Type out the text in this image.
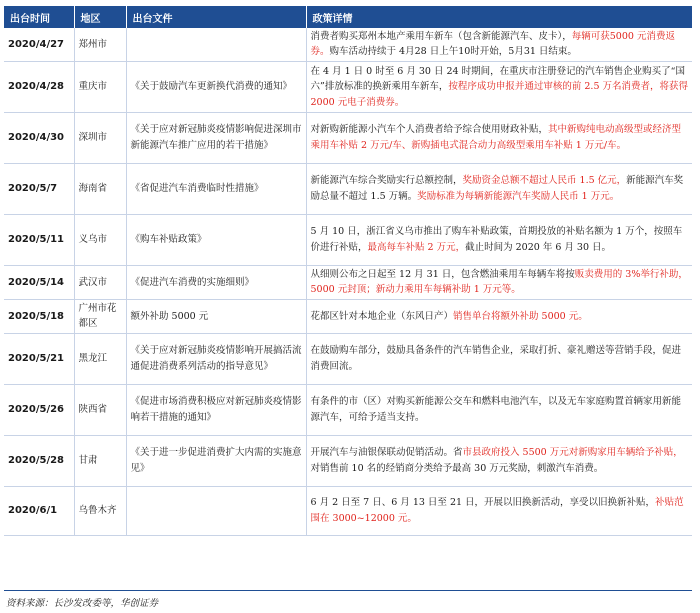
出台时间	地区	出台文件	政策详情
2020/4/27	郑州市		消费者购买郑州本地产乘用车新车（包含新能源汽车、皮卡），每辆可获5000 元消费返券。购车活动持续于 4月28 日上午10时开始，5月31 日结束。
2020/4/28	重庆市	《关于鼓励汽车更新换代消费的通知》	在 4 月 1 日 0 时至 6 月 30 日 24 时期间，在重庆市注册登记的汽车销售企业购买了“国六”排放标准的换新乘用车新车，按程序成功申报并通过审核的前 2.5 万名消费者，将获得 2000 元电子消费券。
2020/4/30	深圳市	《关于应对新冠肺炎疫情影响促进深圳市新能源汽车推广应用的若干措施》	对新购新能源小汽车个人消费者给予综合使用财政补贴，其中新购纯电动高级型或经济型乘用车补贴 2 万元/车、新购插电式混合动力高级型乘用车补贴 1 万元/车。
2020/5/7	海南省	《省促进汽车消费临时性措施》	新能源汽车综合奖励实行总额控制，奖励资金总额不超过人民币 1.5 亿元，新能源汽车奖励总量不超过 1.5 万辆。奖励标准为每辆新能源汽车奖励人民币 1 万元。
2020/5/11	义乌市	《购车补贴政策》	5 月 10 日，浙江省义乌市推出了购车补贴政策，首期投放的补贴名额为 1 万个，按照车价进行补贴，最高每车补贴 2 万元，截止时间为 2020 年 6 月 30 日。
2020/5/14	武汉市	《促进汽车消费的实施细则》	从细则公布之日起至 12 月 31 日，包含燃油乘用车每辆车将按贩卖费用的 3%举行补助，5000 元封顶；新动力乘用车每辆补助 1 万元等。
2020/5/18	广州市花都区	额外补助 5000 元	花都区针对本地企业（东风日产）销售单台将额外补助 5000 元。
2020/5/21	黑龙江	《关于应对新冠肺炎疫情影响开展搞活流通促进消费系列活动的指导意见》	在鼓励购车部分，鼓励具备条件的汽车销售企业，采取打折、豪礼赠送等营销手段，促进消费回流。
2020/5/26	陕西省	《促进市场消费积极应对新冠肺炎疫情影响若干措施的通知》	有条件的市（区）对购买新能源公交车和燃料电池汽车，以及无车家庭购置首辆家用新能源汽车，可给予适当支持。
2020/5/28	甘肃	《关于进一步促进消费扩大内需的实施意见》	开展汽车与油银保联动促销活动。省市县政府投入 5500 万元对新购家用车辆给予补贴，对销售前 10 名的经销商分类给予最高 30 万元奖励，刺激汽车消费。
2020/6/1	乌鲁木齐		6 月 2 日至 7 日、6 月 13 日至 21 日，开展以旧换新活动，享受以旧换新补贴，补贴范围在 3000~12000 元。
资料来源：长沙发改委等，华创证券
